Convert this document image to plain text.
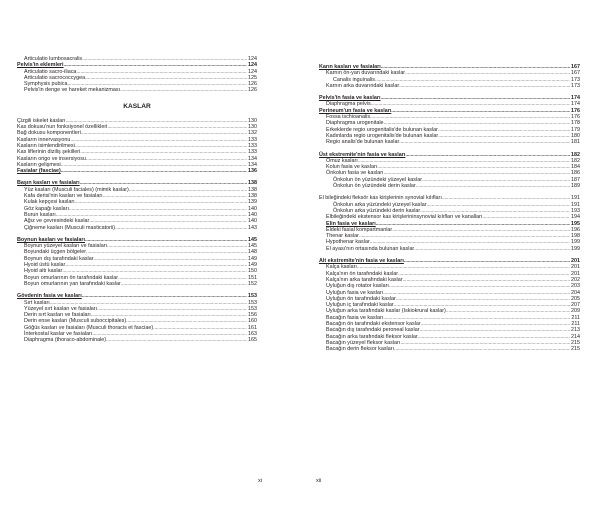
Articulatio lumbosacralis .....	124
Pelvis'in eklemleri .....	124
Articulatio sacro-iliaca .....	124
Articulatio sacrococcygea .....	125
Symphysis pubica .....	126
Pelvis'in denge ve hareket mekanizması .....	126
KASLAR
Çizgili iskelet kasları .....	130
Kas dokusu'nun fonksiyonel özellikleri .....	130
Bağ dokusu komponentleri .....	132
Kasların innervasyonu .....	133
Kasların isimlendirilmesi .....	133
Kas liflerinin diziliş şekilleri .....	133
Kasların origo ve insersiyosu .....	134
Kasların gelişmesi .....	134
Fasialar (fasciae) .....	136
Başın kasları ve fasiaları .....	138
Yüz kasları (Musculi faciales) (mimik kaslar) .....	138
Kafa derisi'nin kasları ve fasiaları .....	138
Kulak kepçesi kasları .....	139
Göz kapağı kasları .....	140
Burun kasları .....	140
Ağız ve çevresindeki kaslar .....	140
Çiğneme kasları (Musculi masticatorii) .....	143
Boynun kasları ve fasiaları .....	145
Boynun yüzeyel kasları ve fasiaları .....	145
Boyundaki üçgen bölgeler .....	148
Boynun dış tarafındaki kaslar .....	149
Hyoid üstü kaslar .....	149
Hyoid altı kaslar .....	150
Boyun omurlarının ön tarafındaki kaslar .....	151
Boyun omurlarının yan tarafındaki kaslar .....	152
Gövdenin fasia ve kasları .....	153
Sırt kasları .....	153
Yüzeyel sırt kasları ve fasiaları .....	153
Derin sırt kasları ve fasiaları .....	156
Derin ense kasları (Musculi suboccipitales) .....	160
Göğüs kasları ve fasiaları (Musculi thoracis et fasciae) .....	161
İnterkostal kaslar ve fasiaları .....	163
Diaphragma (thoraco-abdominale) .....	165
xi
Karın kasları ve fasiaları .....	167
Karnın ön-yan duvarındaki kaslar .....	167
Canalis inguinalis .....	173
Karnın arka duvarındaki kaslar .....	173
Pelvis'in fasia ve kasları .....	174
Diaphragma pelvis .....	174
Perineum'un fasia ve kasları .....	176
Fossa ischioanalis .....	176
Diaphragma urogenitale .....	178
Erkeklerde regio urogenitalis'de bulunan kaslar .....	179
Kadınlarda regio urogenitalis'de bulunan kaslar .....	180
Regio analis'de bulunan kaslar .....	181
Üst ekstremite'nin fasia ve kasları .....	182
Omuz kasları .....	182
Kolun fasia ve kasları .....	184
Önkolun fasia ve kasları .....	186
Önkolun ön yüzündeki yüzeyel kaslar .....	187
Önkolun ön yüzündeki derin kaslar .....	189
El bileğindeki fleksör kas kirişlerinin synovial kılıfları .....	191
Önkolun arka yüzündeki yüzeyel kaslar .....	191
Önkolun arka yüzündeki derin kaslar .....	193
Elbileğindeki ekstensor kas kirişlerininsynovial kılıfları ve kanalları .....	194
Elin fasia ve kasları .....	195
Eldeki fasial kompartmanlar .....	196
Thenar kaslar .....	198
Hypothenar kaslar .....	199
El ayası'nın ortasında bulunan kaslar .....	199
Alt ekstremite'nin fasia ve kasları .....	201
Kalça kasları .....	201
Kalça'nın ön tarafındaki kaslar .....	201
Kalça'nın arka tarafındaki kaslar .....	202
Uyluğun dış rotator kasları .....	203
Uyluğun fasia ve kasları .....	204
Uyluğun ön tarafındaki kaslar .....	205
Uyluğun iç tarafındaki kaslar .....	207
Uyluğun arka tarafındaki kaslar (Iskiokrural kaslar) .....	209
Bacağın fasia ve kasları .....	211
Bacağın ön tarafındaki ekstensor kaslar .....	211
Bacağın dış tarafındaki peroneal kaslar .....	213
Bacağın arka tarafındaki fleksor kaslar .....	214
Bacağın yüzeyel fleksor kasları .....	215
Bacağın derin fleksor kasları .....	215
xii
